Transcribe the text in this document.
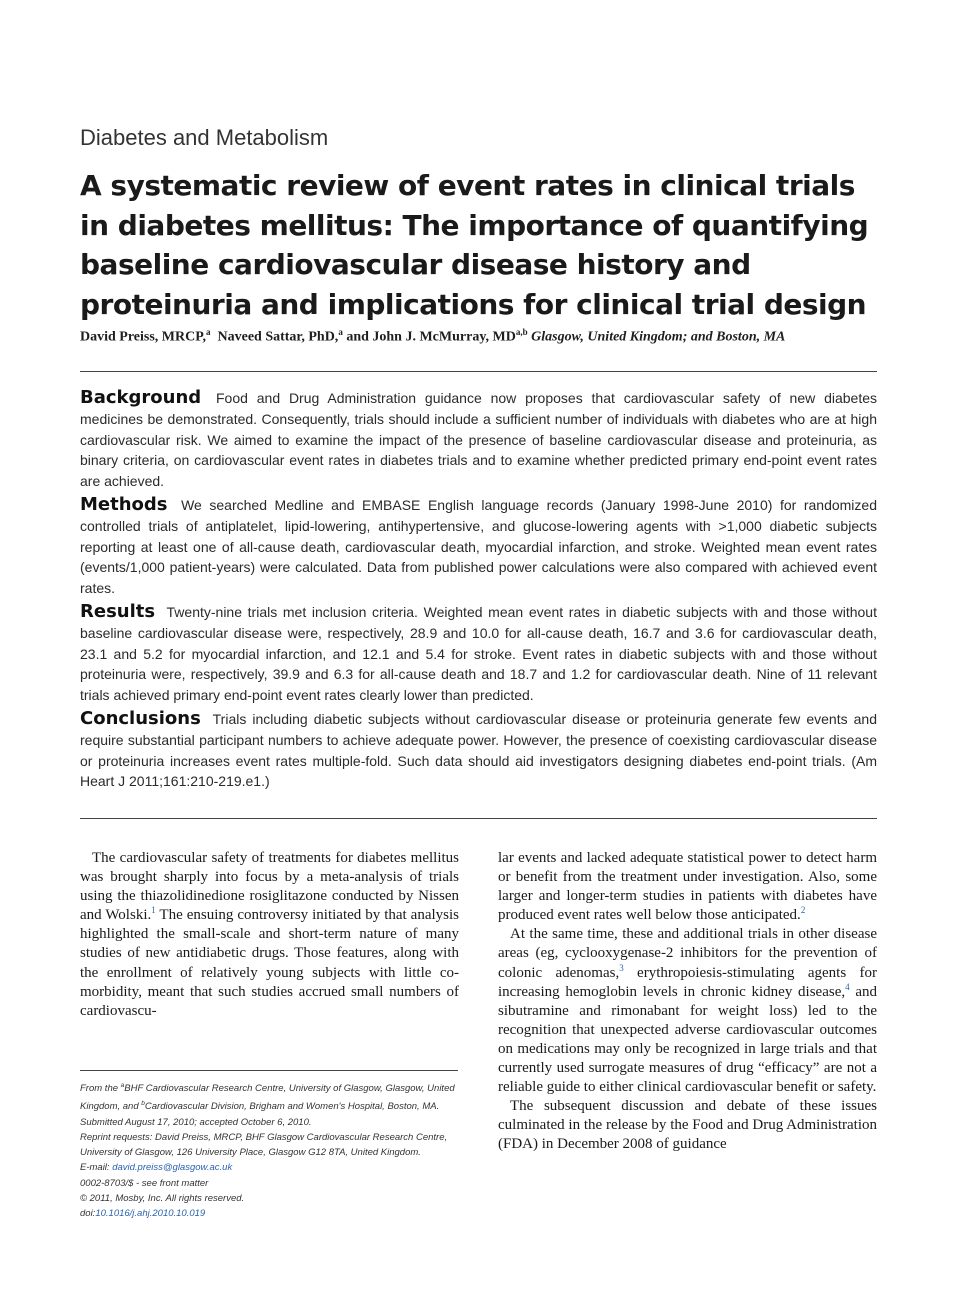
Diabetes and Metabolism
A systematic review of event rates in clinical trials in diabetes mellitus: The importance of quantifying baseline cardiovascular disease history and proteinuria and implications for clinical trial design
David Preiss, MRCP,$^a$ Naveed Sattar, PhD,$^a$ and John J. McMurray, MD$^{a,b}$ Glasgow, United Kingdom; and Boston, MA

Background Food and Drug Administration guidance now proposes that cardiovascular safety of new diabetes medicines be demonstrated. Consequently, trials should include a sufficient number of individuals with diabetes who are at high cardiovascular risk. We aimed to examine the impact of the presence of baseline cardiovascular disease and proteinuria, as binary criteria, on cardiovascular event rates in diabetes trials and to examine whether predicted primary end-point event rates are achieved.

Methods We searched Medline and EMBASE English language records (January 1998-June 2010) for randomized controlled trials of antiplatelet, lipid-lowering, antihypertensive, and glucose-lowering agents with >1,000 diabetic subjects reporting at least one of all-cause death, cardiovascular death, myocardial infarction, and stroke. Weighted mean event rates (events/1,000 patient-years) were calculated. Data from published power calculations were also compared with achieved event rates.

Results Twenty-nine trials met inclusion criteria. Weighted mean event rates in diabetic subjects with and those without baseline cardiovascular disease were, respectively, 28.9 and 10.0 for all-cause death, 16.7 and 3.6 for cardiovascular death, 23.1 and 5.2 for myocardial infarction, and 12.1 and 5.4 for stroke. Event rates in diabetic subjects with and those without proteinuria were, respectively, 39.9 and 6.3 for all-cause death and 18.7 and 1.2 for cardiovascular death. Nine of 11 relevant trials achieved primary end-point event rates clearly lower than predicted.

Conclusions Trials including diabetic subjects without cardiovascular disease or proteinuria generate few events and require substantial participant numbers to achieve adequate power. However, the presence of coexisting cardiovascular disease or proteinuria increases event rates multiple-fold. Such data should aid investigators designing diabetes end-point trials. (Am Heart J 2011;161:210-219.e1.)

The cardiovascular safety of treatments for diabetes mellitus was brought sharply into focus by a meta-analysis of trials using the thiazolidinedione rosiglitazone conducted by Nissen and Wolski.$^1$ The ensuing controversy initiated by that analysis highlighted the small-scale and short-term nature of many studies of new antidiabetic drugs. Those features, along with the enrollment of relatively young subjects with little co-morbidity, meant that such studies accrued small numbers of cardiovascu-

lar events and lacked adequate statistical power to detect harm or benefit from the treatment under investigation. Also, some larger and longer-term studies in patients with diabetes have produced event rates well below those anticipated.$^2$

At the same time, these and additional trials in other disease areas (eg, cyclooxygenase-2 inhibitors for the prevention of colonic adenomas,$^3$ erythropoiesis-stimulating agents for increasing hemoglobin levels in chronic kidney disease,$^4$ and sibutramine and rimonabant for weight loss) led to the recognition that unexpected adverse cardiovascular outcomes on medications may only be recognized in large trials and that currently used surrogate measures of drug “efficacy” are not a reliable guide to either clinical cardiovascular benefit or safety.

The subsequent discussion and debate of these issues culminated in the release by the Food and Drug Administration (FDA) in December 2008 of guidance

From the $^a$BHF Cardiovascular Research Centre, University of Glasgow, Glasgow, United
Kingdom, and $^b$Cardiovascular Division, Brigham and Women's Hospital, Boston, MA.
Submitted August 17, 2010; accepted October 6, 2010.
Reprint requests: David Preiss, MRCP, BHF Glasgow Cardiovascular Research Centre,
University of Glasgow, 126 University Place, Glasgow G12 8TA, United Kingdom.
E-mail: david.preiss@glasgow.ac.uk
0002-8703/$ - see front matter
© 2011, Mosby, Inc. All rights reserved.
doi:10.1016/j.ahj.2010.10.019
